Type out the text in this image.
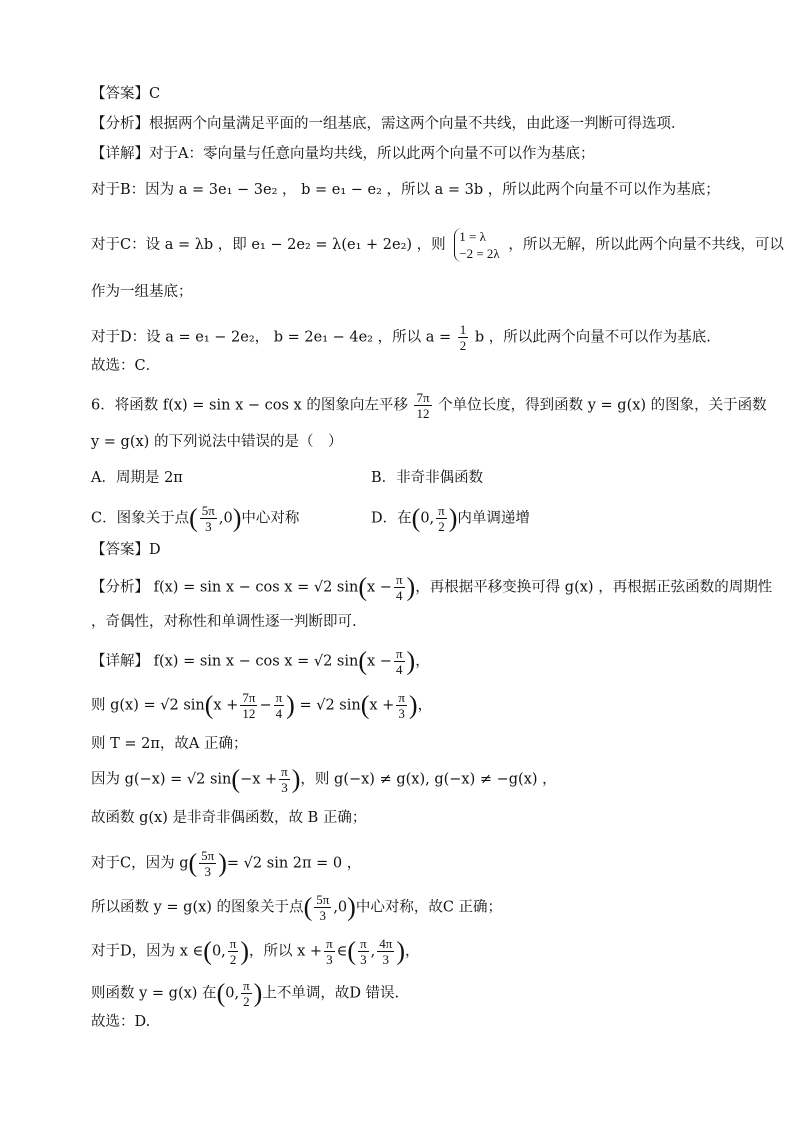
【答案】C
【分析】根据两个向量满足平面的一组基底，需这两个向量不共线，由此逐一判断可得选项．
【详解】对于A：零向量与任意向量均共线，所以此两个向量不可以作为基底；
对于B：因为 a = 3e₁ − 3e₂ ， b = e₁ − e₂ ，所以 a = 3b ，所以此两个向量不可以作为基底；
对于C：设 a = λb ，即 e₁ − 2e₂ = λ(e₁ + 2e₂) ，则
1 = λ
−2 = 2λ
，所以无解，所以此两个向量不共线，可以
作为一组基底；
对于D：设 a = e₁ − 2e₂， b = 2e₁ − 4e₂ ，所以 $a = \frac{1}{2}$ b ，所以此两个向量不可以作为基底.
故选：C．
6．将函数 f(x) = sin x − cos x 的图象向左平移 $\frac{7\pi}{12}$ 个单位长度，得到函数 y = g(x) 的图象，关于函数
y = g(x) 的下列说法中错误的是（　）
A．周期是 2π	B．非奇非偶函数
C．图象关于点( $\frac{5\pi}{3} ,0$)中心对称	D．在(0, $\frac{\pi}{2}$ )内单调递增
【答案】D
【分析】 f(x) = sin x − cos x = √2 $\sin(x - \frac{\pi}{4}$ )，再根据平移变换可得 g(x) ，再根据正弦函数的周期性
，奇偶性，对称性和单调性逐一判断即可.
【详解】 f(x) = sin x − cos x = √2 $\sin(x - \frac{\pi}{4}$ )，
则 g(x) = √2 $\sin(x + \frac{7\pi}{12} - \frac{\pi}{4}$ ) = √2 $\sin(x + \frac{\pi}{3}$ )，
则 T = 2π，故A 正确；
因为 g(−x) = √2 $\sin(-x + \frac{\pi}{3}$ )，则 g(−x) ≠ g(x), g(−x) ≠ −g(x) ，
故函数 g(x) 是非奇非偶函数，故 B 正确；
对于C，因为 $g( \frac{5\pi}{3}$ )= √2 sin 2π = 0 ，
所以函数 y = g(x) 的图象关于点( $\frac{5\pi}{3} ,0$)中心对称，故C 正确；
对于D，因为 x ∈(0, $\frac{\pi}{2}$ )，所以 $x + \frac{\pi}{3}$ ∈( $\frac{\pi}{3}$ , $\frac{4\pi}{3}$ )，
则函数 y = g(x) 在(0, $\frac{\pi}{2}$ )上不单调，故D 错误.
故选：D.
